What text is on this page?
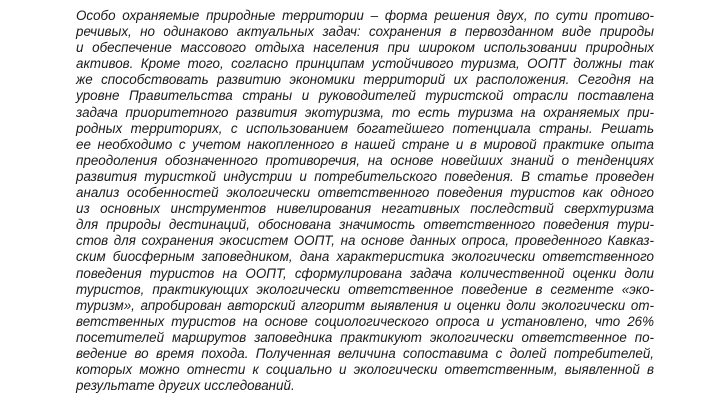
Особо охраняемые природные территории – форма решения двух, по сути противо-
речивых, но одинаково актуальных задач: сохранения в первозданном виде природы
и обеспечение массового отдыха населения при широком использовании природных
активов. Кроме того, согласно принципам устойчивого туризма, ООПТ должны так
же способствовать развитию экономики территорий их расположения. Сегодня на
уровне Правительства страны и руководителей туристской отрасли поставлена
задача приоритетного развития экотуризма, то есть туризма на охраняемых при-
родных территориях, с использованием богатейшего потенциала страны. Решать
ее необходимо с учетом накопленного в нашей стране и в мировой практике опыта
преодоления обозначенного противоречия, на основе новейших знаний о тенденциях
развития туристкой индустрии и потребительского поведения. В статье проведен
анализ особенностей экологически ответственного поведения туристов как одного
из основных инструментов нивелирования негативных последствий сверхтуризма
для природы дестинаций, обоснована значимость ответственного поведения тури-
стов для сохранения экосистем ООПТ, на основе данных опроса, проведенного Кавказ-
ским биосферным заповедником, дана характеристика экологически ответственного
поведения туристов на ООПТ, сформулирована задача количественной оценки доли
туристов, практикующих экологически ответственное поведение в сегменте «эко-
туризм», апробирован авторский алгоритм выявления и оценки доли экологически от-
ветственных туристов на основе социологического опроса и установлено, что 26%
посетителей маршрутов заповедника практикуют экологически ответственное по-
ведение во время похода. Полученная величина сопоставима с долей потребителей,
которых можно отнести к социально и экологически ответственным, выявленной в
результате других исследований.
